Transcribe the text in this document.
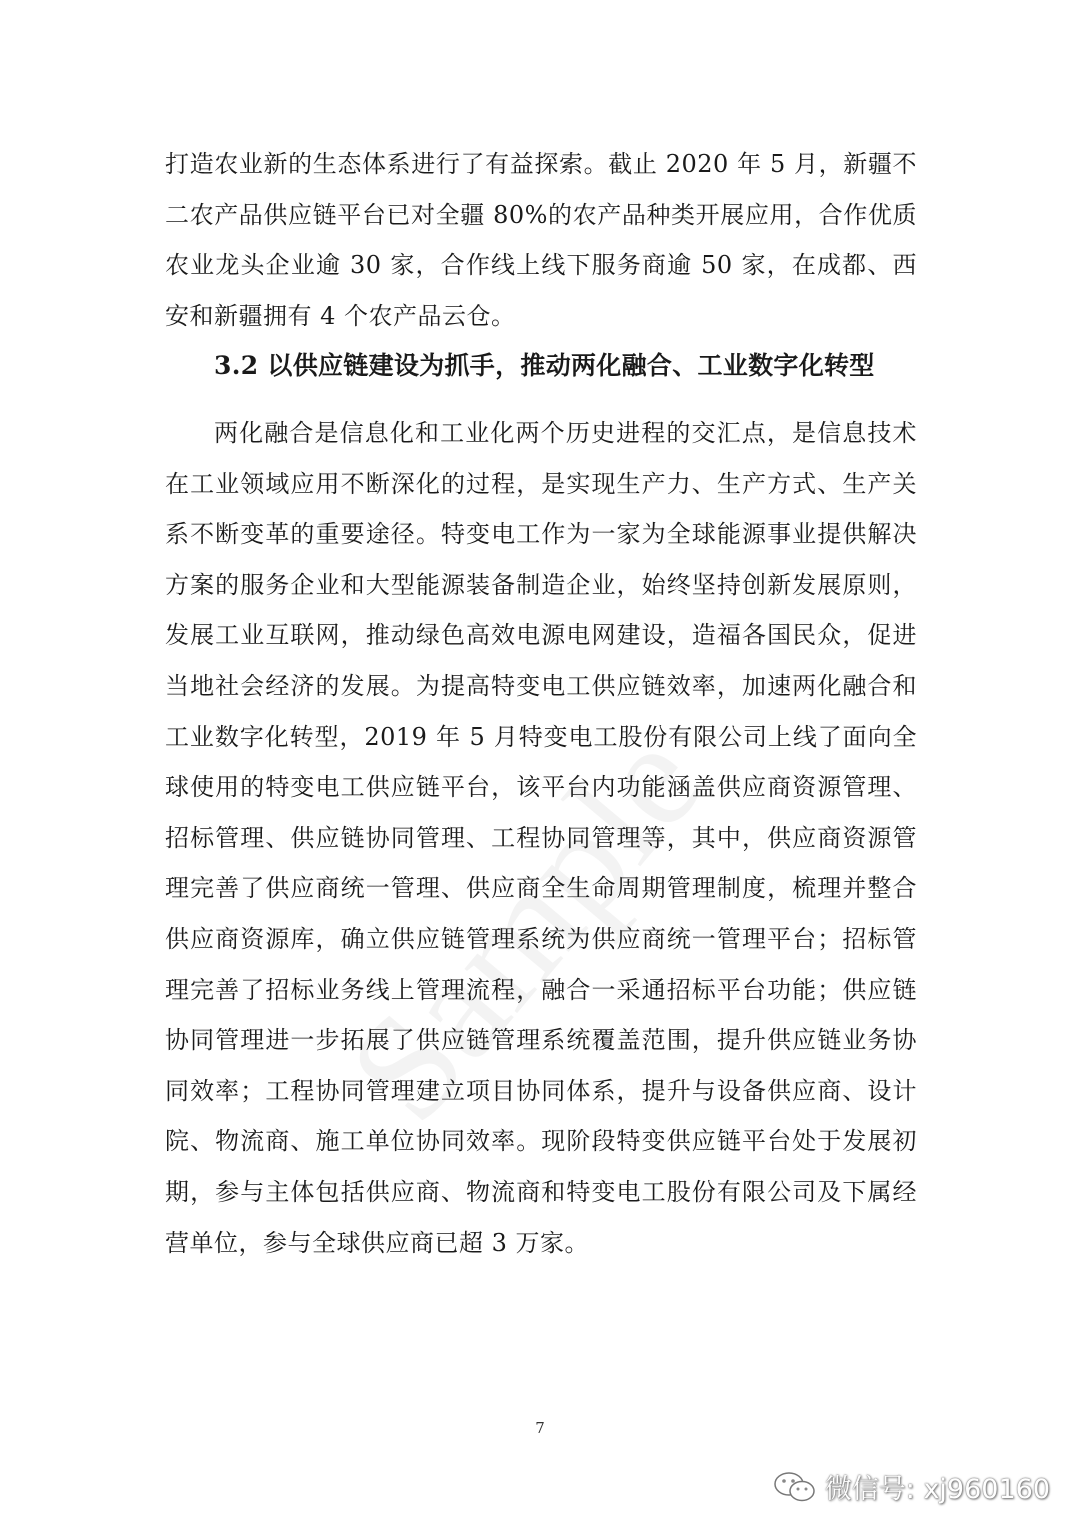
打造农业新的生态体系进行了有益探索。截止 2020 年 5 月，新疆不二农产品供应链平台已对全疆 80%的农产品种类开展应用，合作优质农业龙头企业逾 30 家，合作线上线下服务商逾 50 家，在成都、西安和新疆拥有 4 个农产品云仓。

3.2 以供应链建设为抓手，推动两化融合、工业数字化转型

两化融合是信息化和工业化两个历史进程的交汇点，是信息技术在工业领域应用不断深化的过程，是实现生产力、生产方式、生产关系不断变革的重要途径。特变电工作为一家为全球能源事业提供解决方案的服务企业和大型能源装备制造企业，始终坚持创新发展原则，发展工业互联网，推动绿色高效电源电网建设，造福各国民众，促进当地社会经济的发展。为提高特变电工供应链效率，加速两化融合和工业数字化转型，2019 年 5 月特变电工股份有限公司上线了面向全球使用的特变电工供应链平台，该平台内功能涵盖供应商资源管理、招标管理、供应链协同管理、工程协同管理等，其中，供应商资源管理完善了供应商统一管理、供应商全生命周期管理制度，梳理并整合供应商资源库，确立供应链管理系统为供应商统一管理平台；招标管理完善了招标业务线上管理流程，融合一采通招标平台功能；供应链协同管理进一步拓展了供应链管理系统覆盖范围，提升供应链业务协同效率；工程协同管理建立项目协同体系，提升与设备供应商、设计院、物流商、施工单位协同效率。现阶段特变供应链平台处于发展初期，参与主体包括供应商、物流商和特变电工股份有限公司及下属经营单位，参与全球供应商已超 3 万家。

7
微信号: xj960160
